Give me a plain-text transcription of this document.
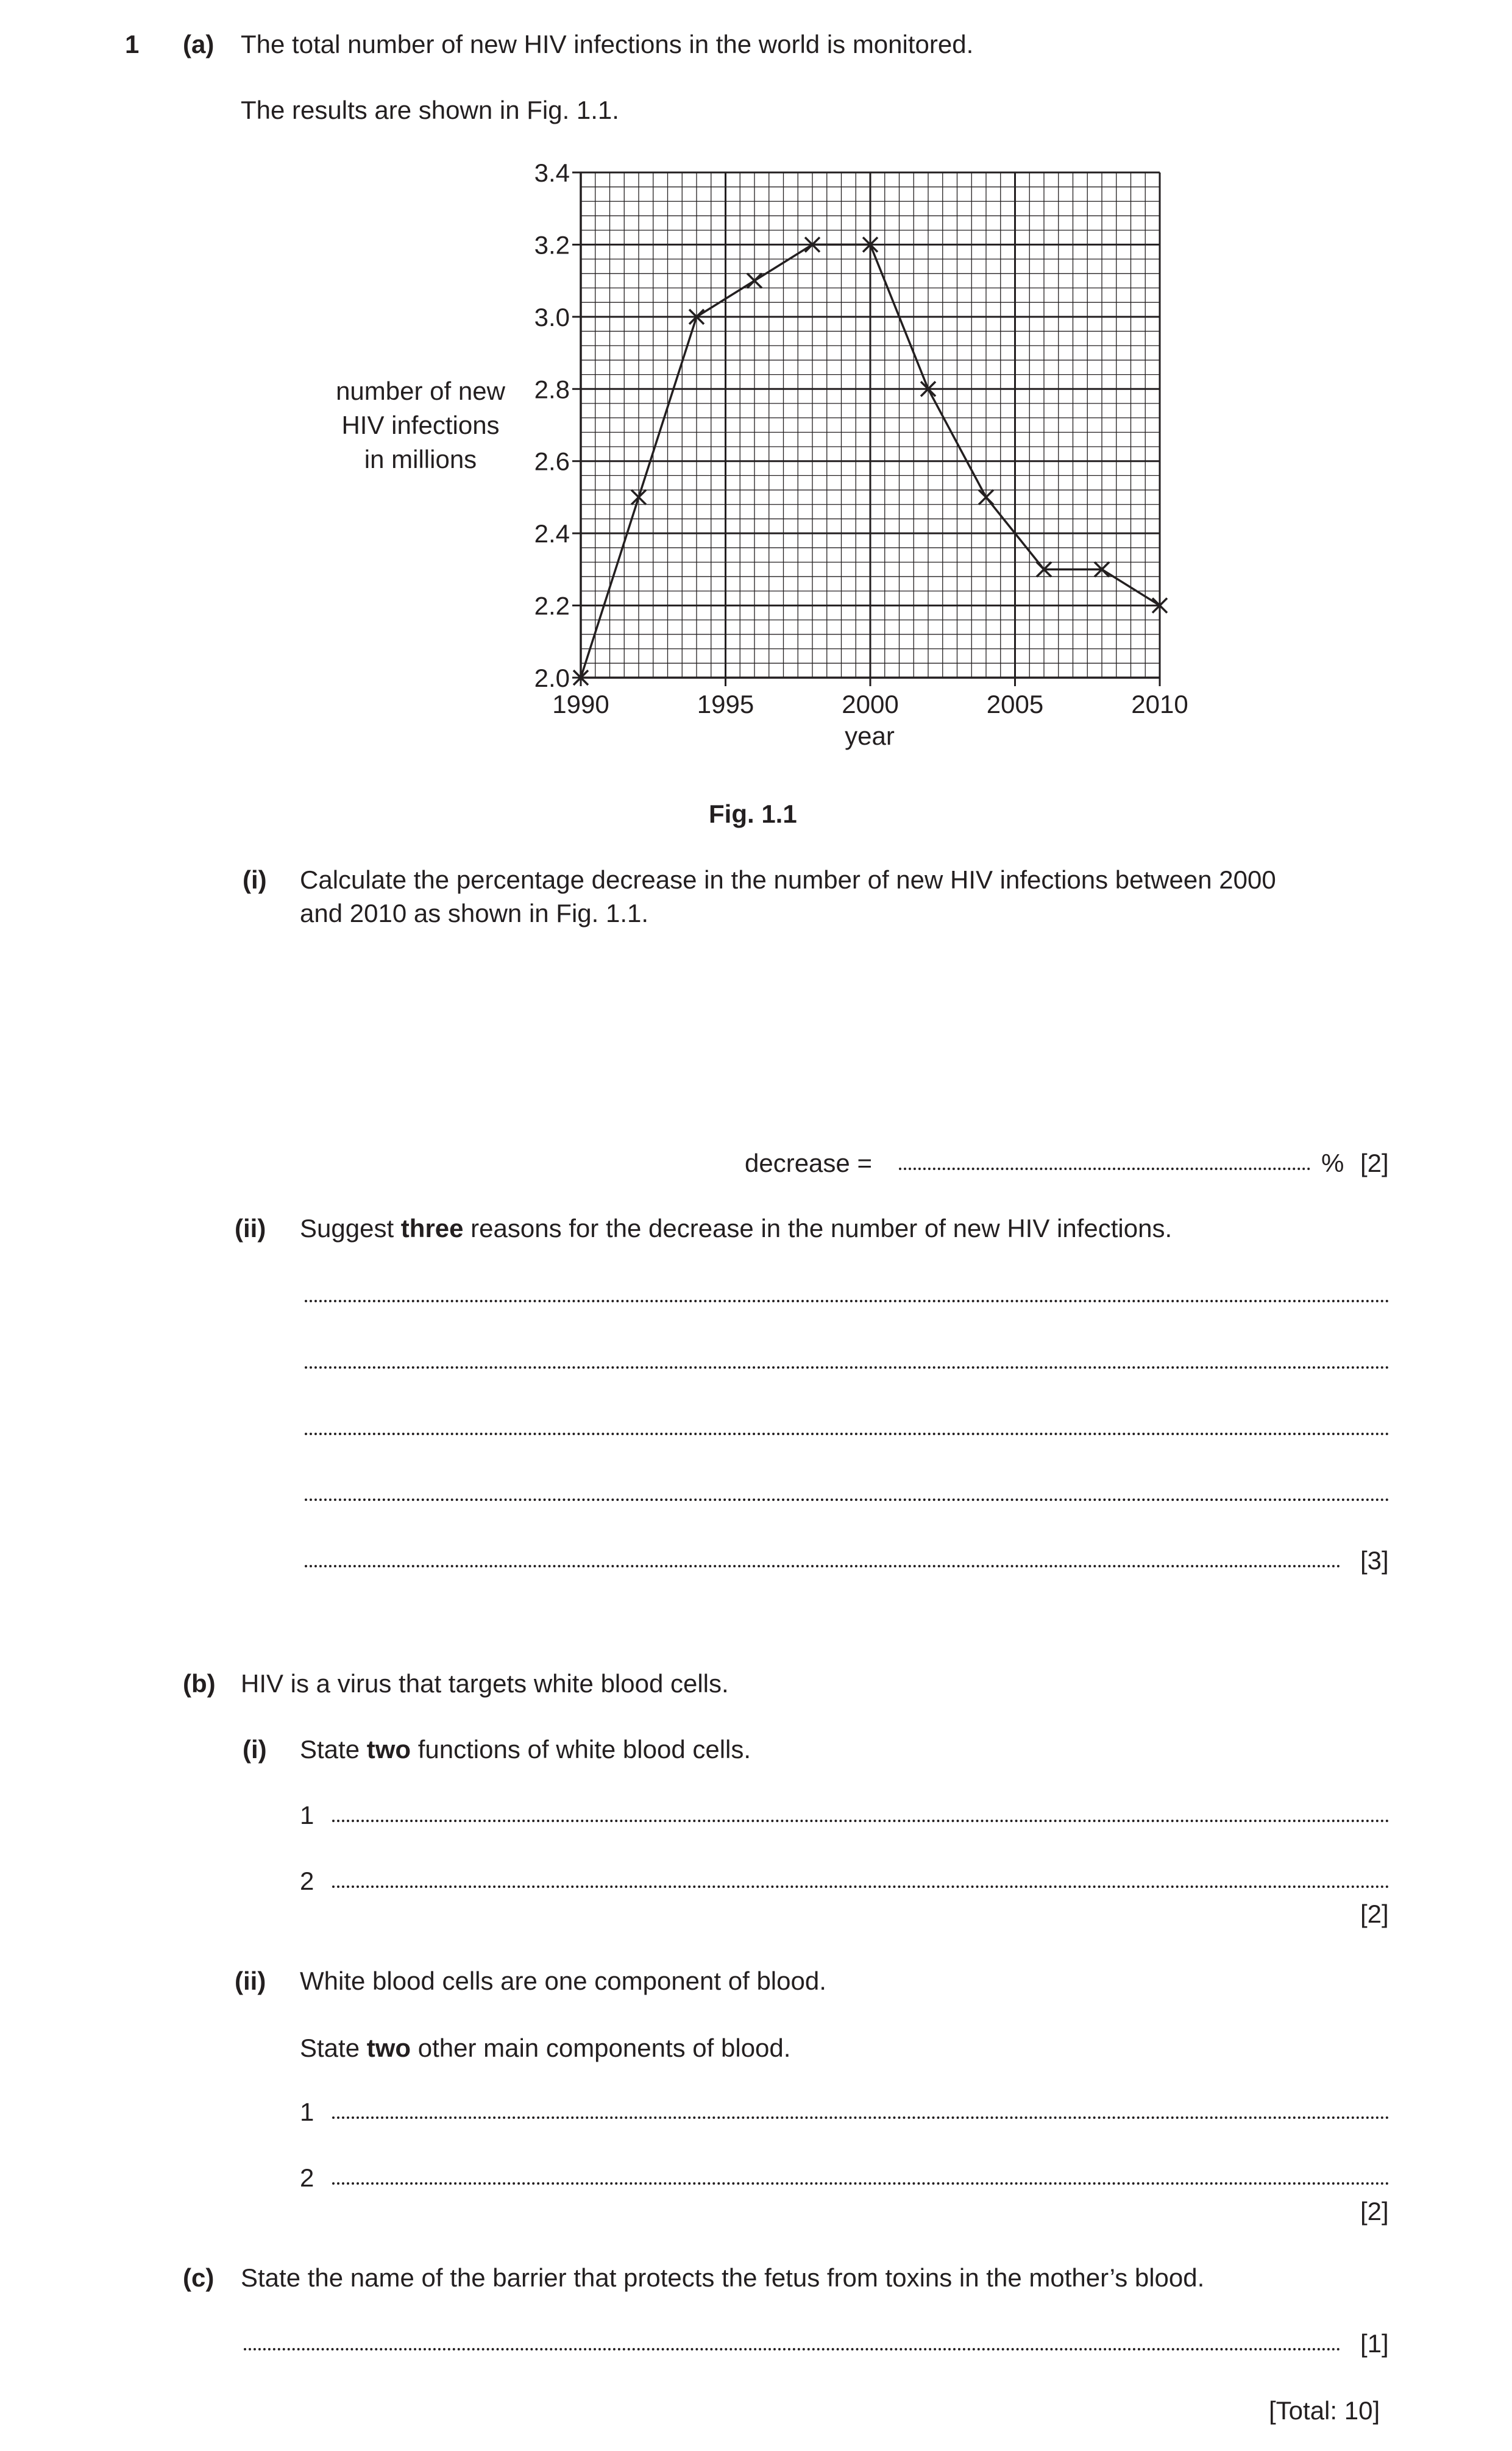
1 (a) The total number of new HIV infections in the world is monitored.
The results are shown in Fig. 1.1.
2.0
2.2
2.4
2.6
2.8
3.0
3.2
3.4
1990	1995	2000	2005	2010
number of new
HIV infections
in millions
year
Fig. 1.1
(i) Calculate the percentage decrease in the number of new HIV infections between 2000
and 2010 as shown in Fig. 1.1.
decrease =	% [2]
(ii) Suggest three reasons for the decrease in the number of new HIV infections.
[3]
(b) HIV is a virus that targets white blood cells.
(i) State two functions of white blood cells.
1
2
[2]
(ii) White blood cells are one component of blood.
State two other main components of blood.
1
2
[2]
(c) State the name of the barrier that protects the fetus from toxins in the mother’s blood.
[1]
[Total: 10]
